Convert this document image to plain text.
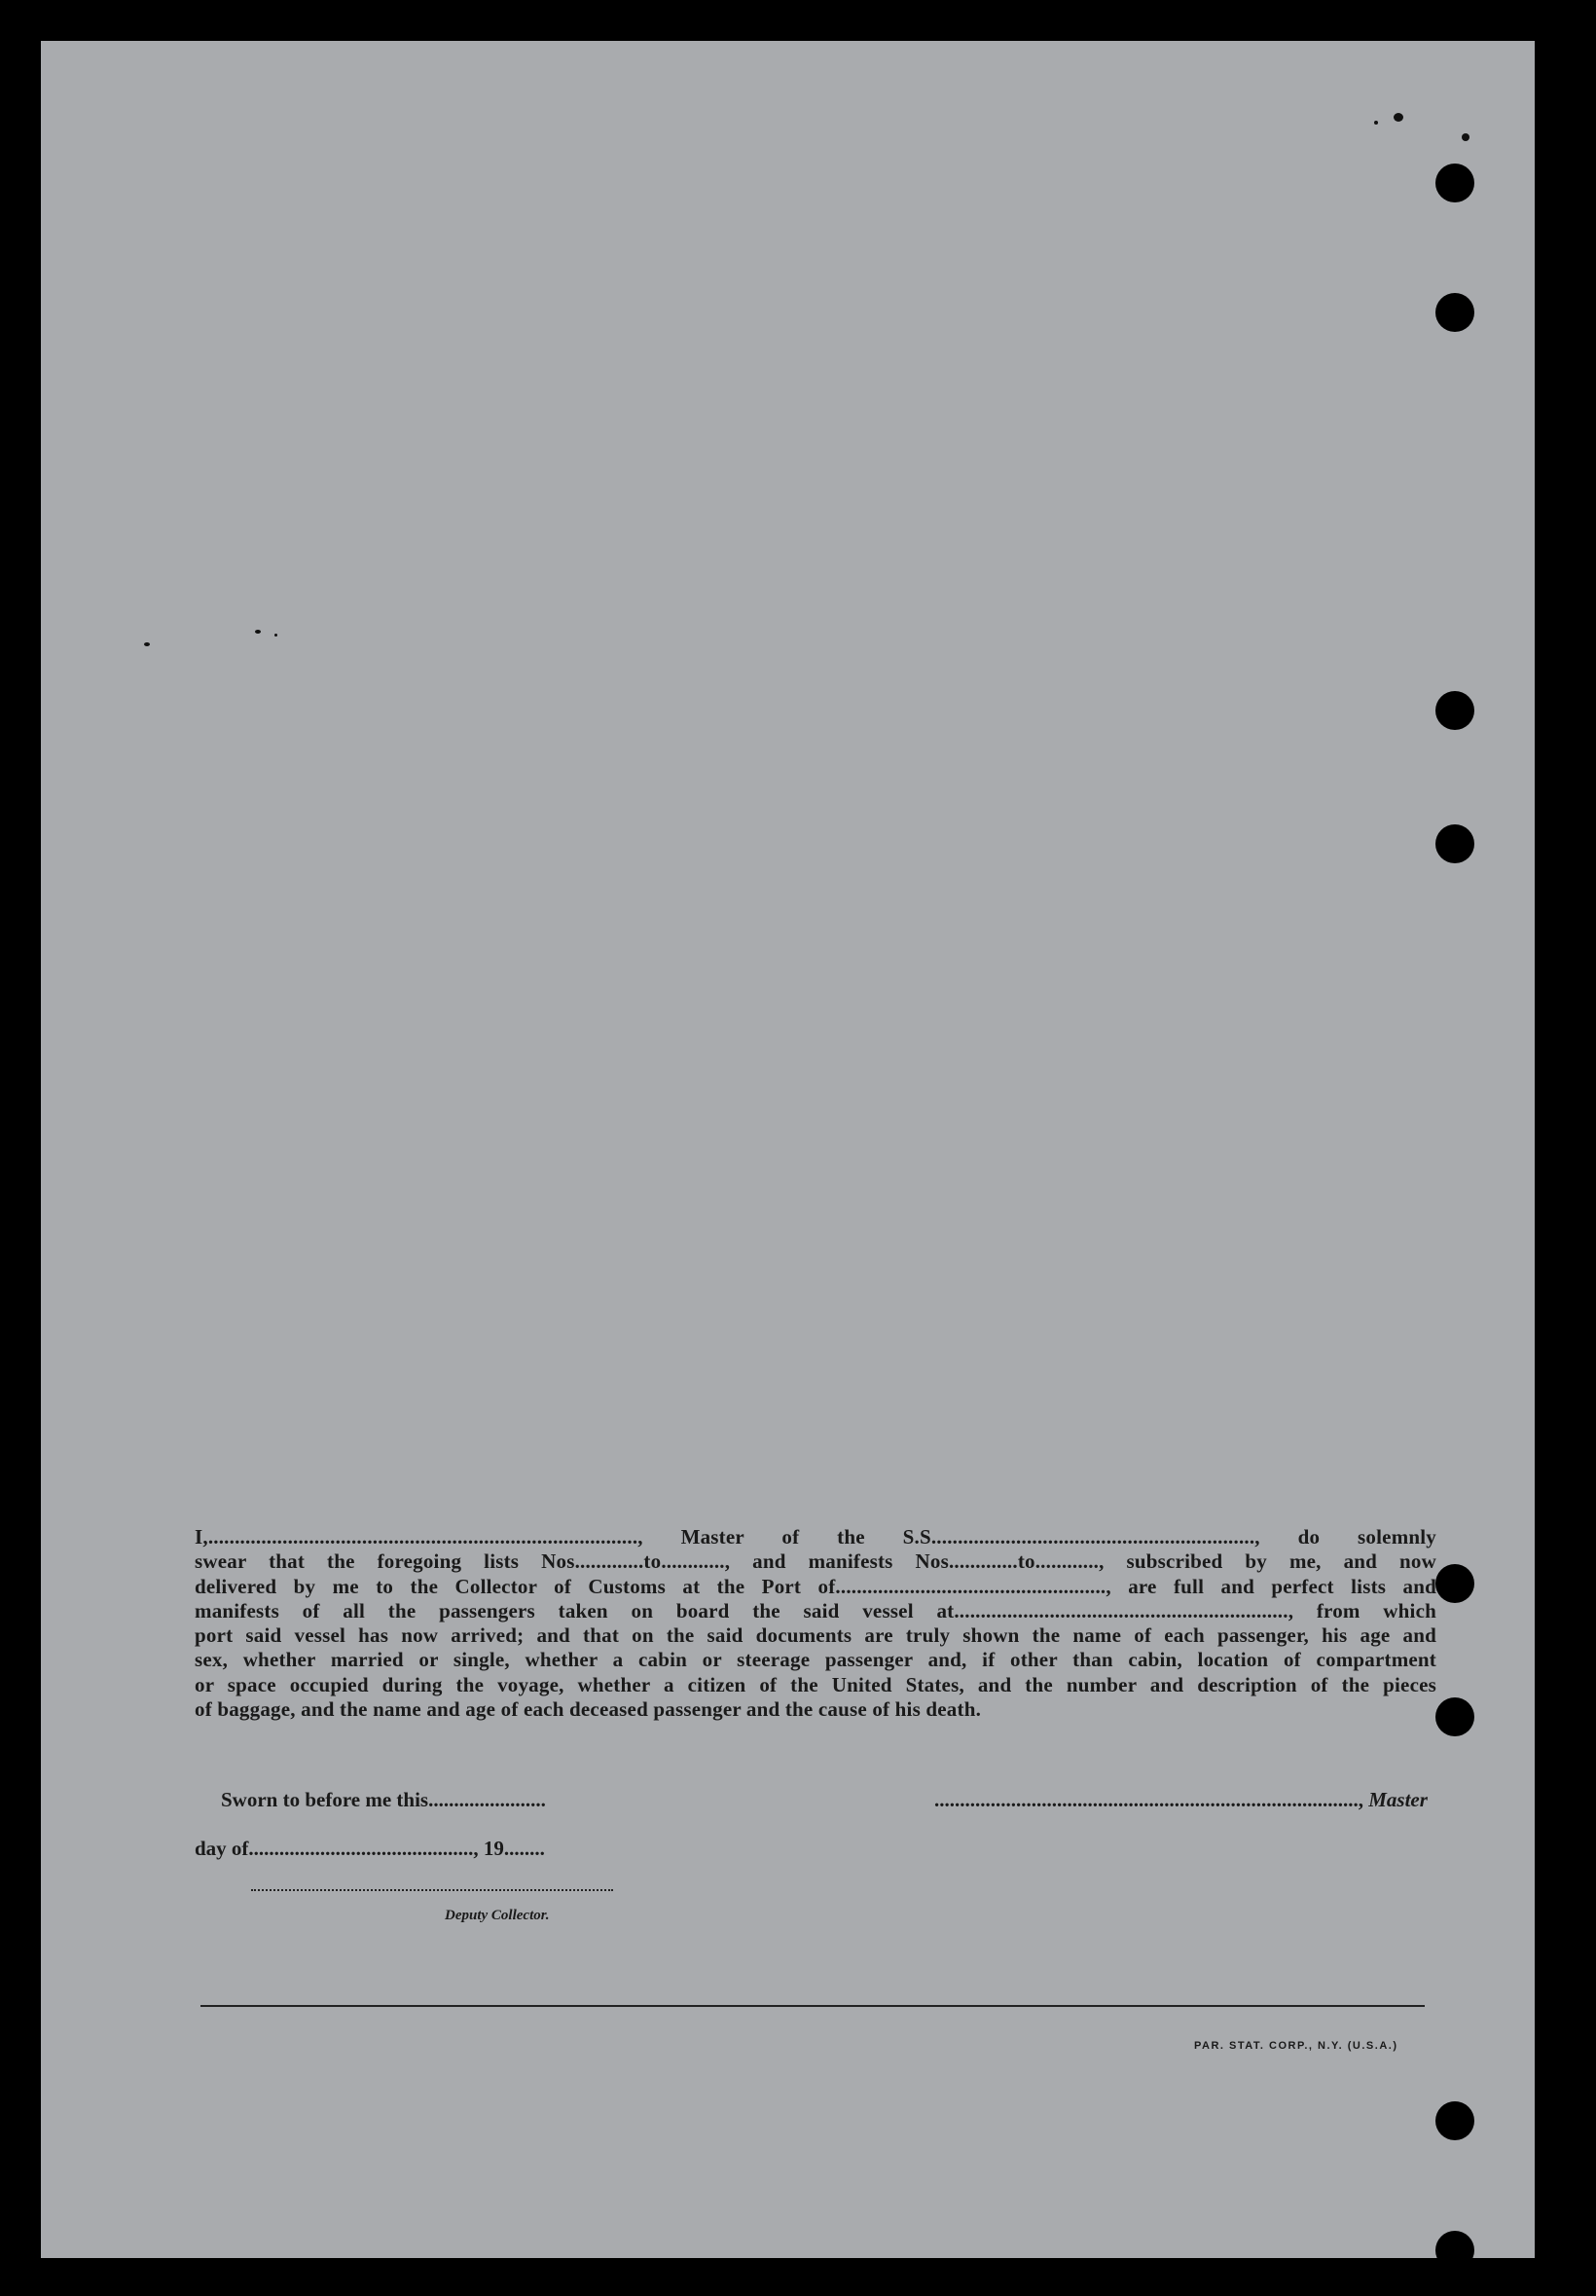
I,................................................................................., Master of the S.S............................................................., do solemnly
swear that the foregoing lists Nos.............to............, and manifests Nos.............to............, subscribed by me, and now
delivered by me to the Collector of Customs at the Port of..................................................., are full and perfect lists and
manifests of all the passengers taken on board the said vessel at..............................................................., from which
port said vessel has now arrived; and that on the said documents are truly shown the name of each passenger, his age and
sex, whether married or single, whether a cabin or steerage passenger and, if other than cabin, location of compartment
or space occupied during the voyage, whether a citizen of the United States, and the number and description of the pieces
of baggage, and the name and age of each deceased passenger and the cause of his death.
Sworn to before me this.......................	..................................................................................., Master
day of............................................, 19........
Deputy Collector.
PAR. STAT. CORP., N.Y. (U.S.A.)
